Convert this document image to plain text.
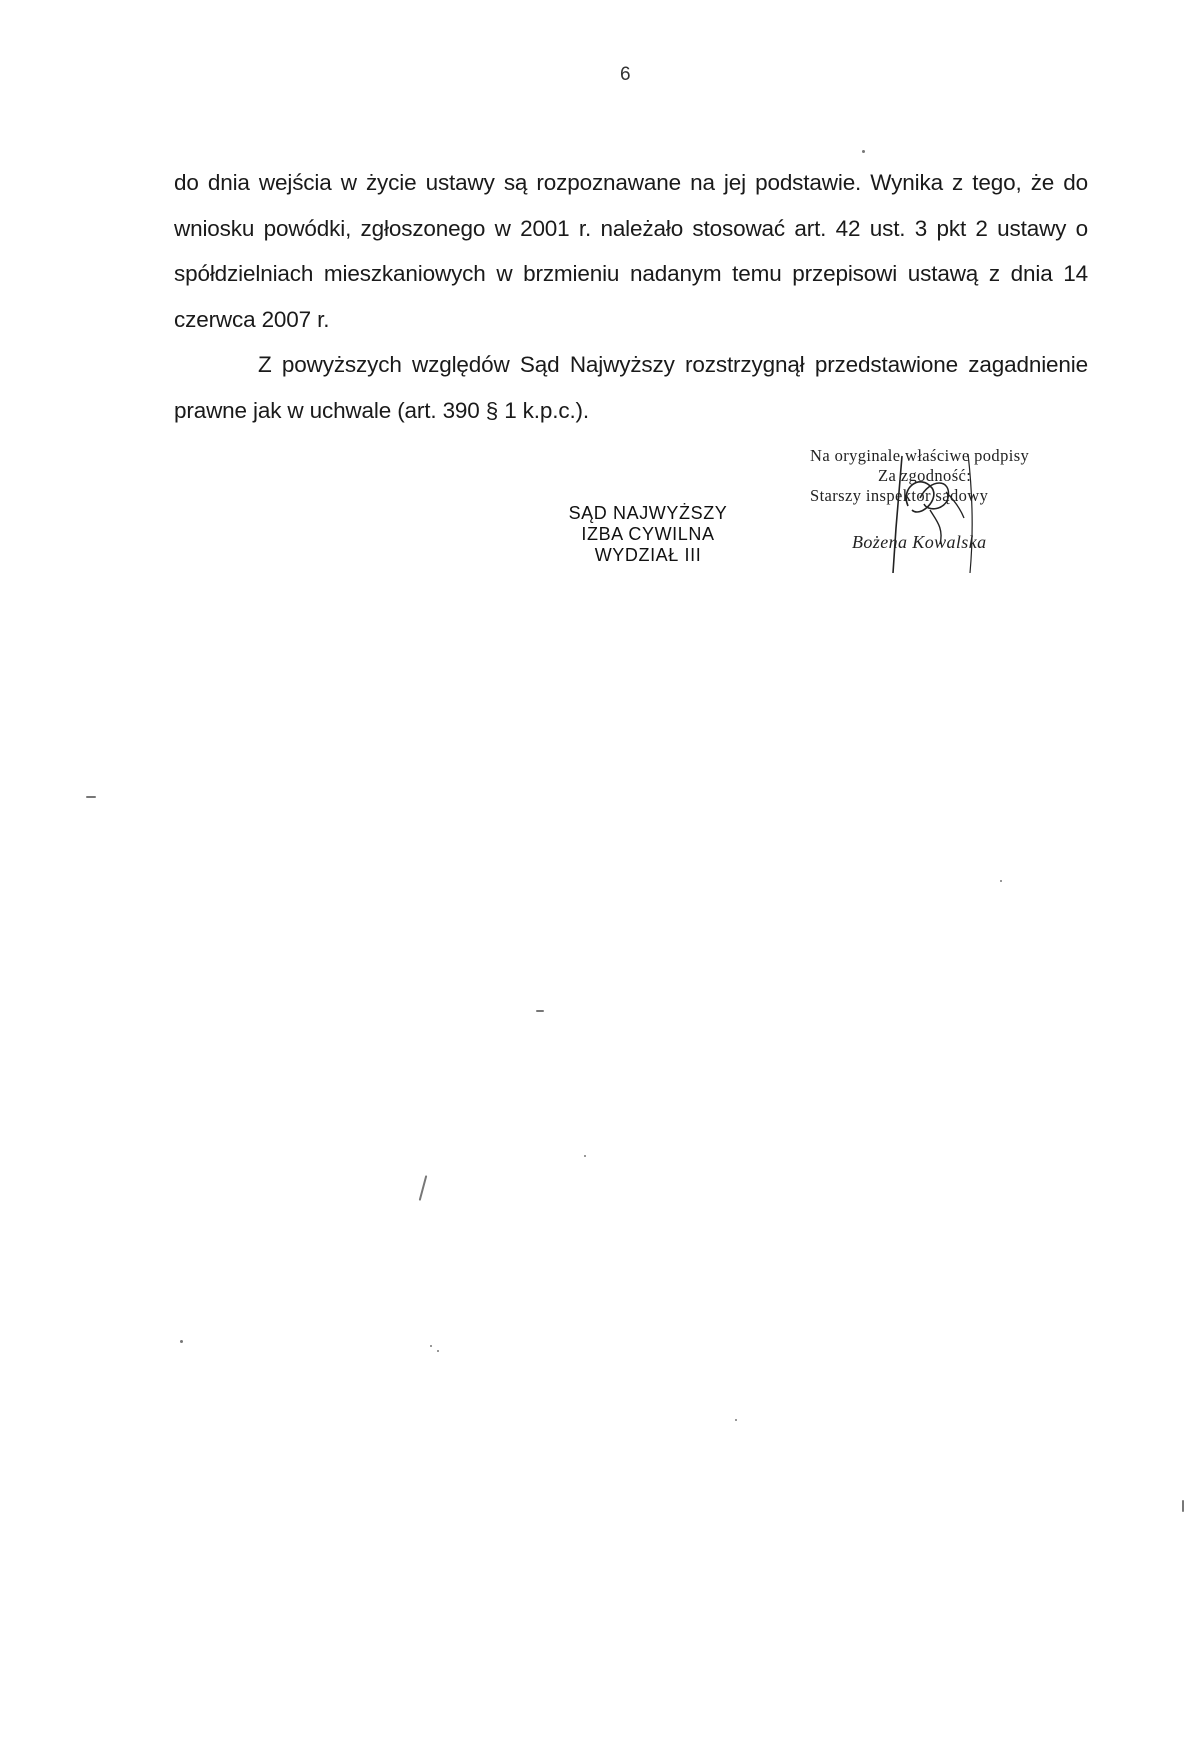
6

do dnia wejścia w życie ustawy są rozpoznawane na jej podstawie. Wynika z tego, że do wniosku powódki, zgłoszonego w 2001 r. należało stosować art. 42 ust. 3 pkt 2 ustawy o spółdzielniach mieszkaniowych w brzmieniu nadanym temu przepisowi ustawą z dnia 14 czerwca 2007 r.

Z powyższych względów Sąd Najwyższy rozstrzygnął przedstawione zagadnienie prawne jak w uchwale (art. 390 § 1 k.p.c.).

SĄD NAJWYŻSZY
IZBA CYWILNA
WYDZIAŁ III
Na oryginale właściwe podpisy
Za zgodność:
Starszy inspektor sądowy
Bożena Kowalska
